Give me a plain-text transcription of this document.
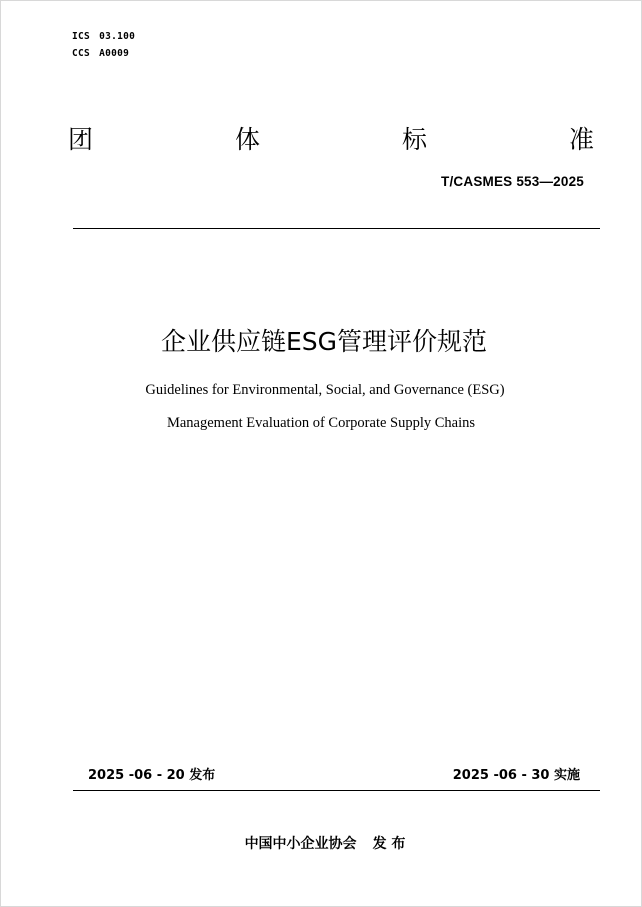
ICS 03.100
CCS A0009
团	体	标	准
T/CASMES 553—2025
企业供应链ESG管理评价规范
Guidelines for Environmental, Social, and Governance (ESG)
Management Evaluation of Corporate Supply Chains
2025 -06 - 20 发布	2025 -06 - 30 实施
中国中小企业协会 发 布
